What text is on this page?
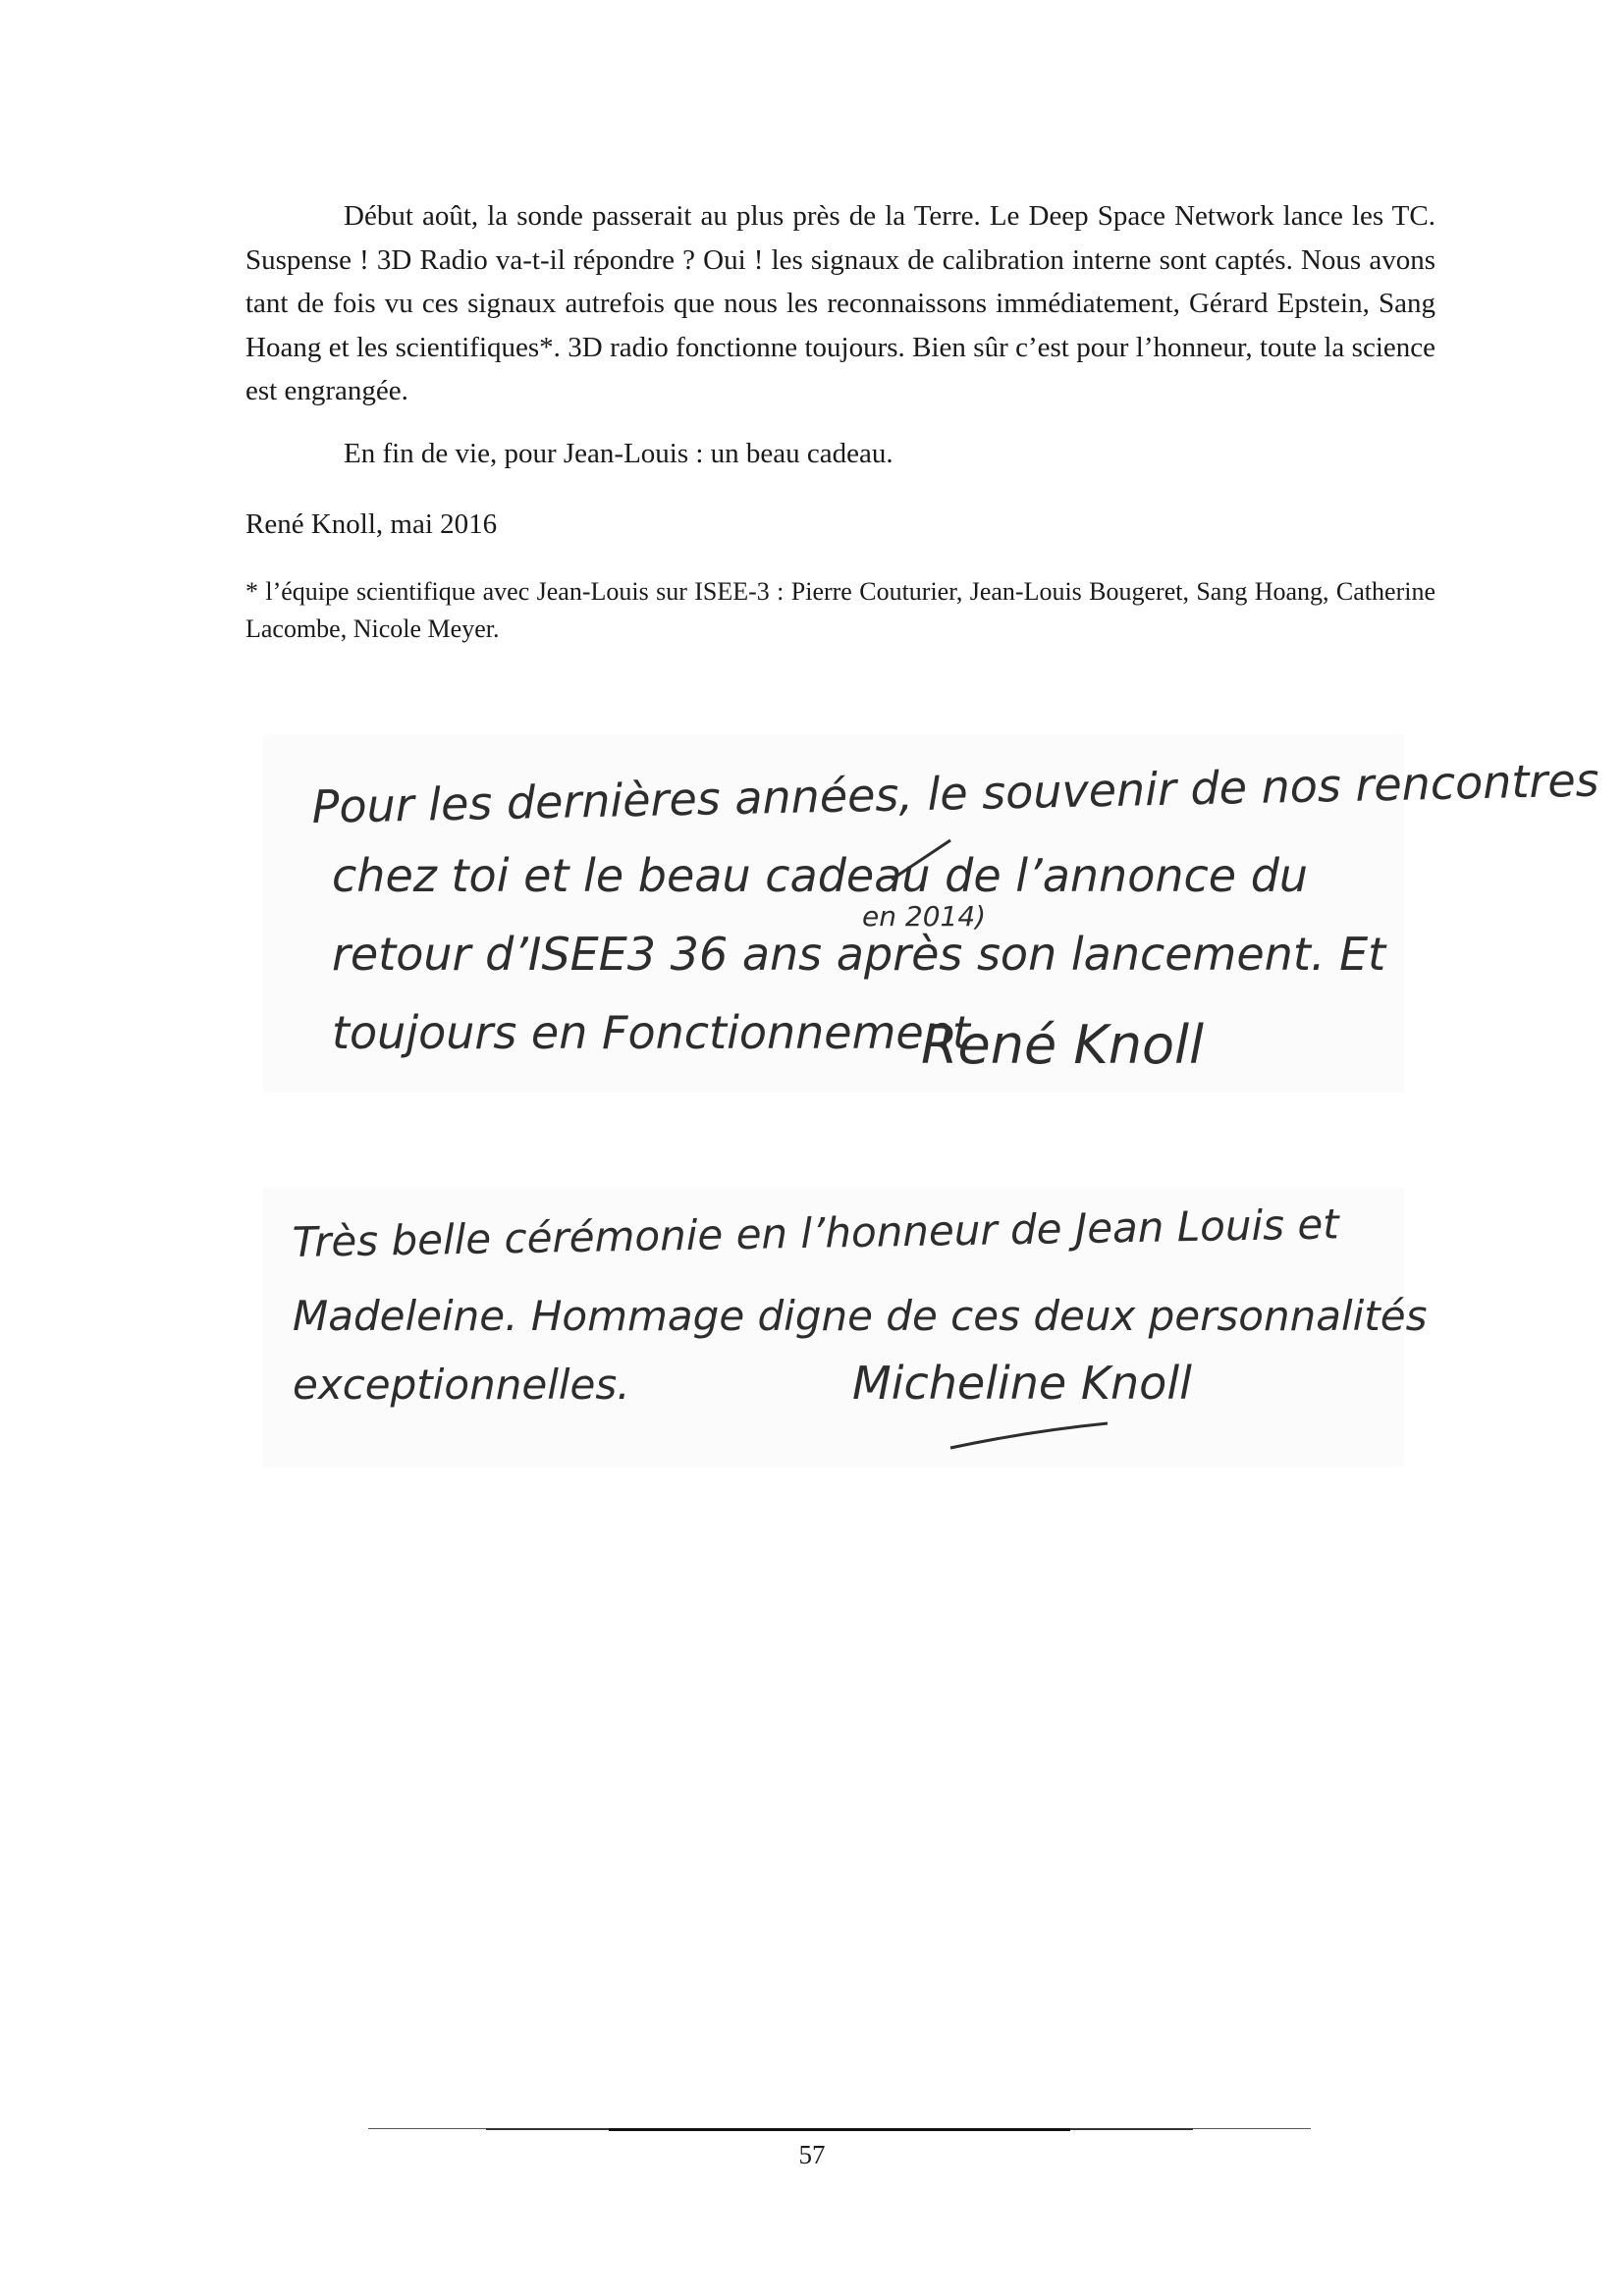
Début août, la sonde passerait au plus près de la Terre. Le Deep Space Network lance les TC. Suspense ! 3D Radio va-t-il répondre ? Oui ! les signaux de calibration interne sont captés. Nous avons tant de fois vu ces signaux autrefois que nous les reconnaissons immédiatement, Gérard Epstein, Sang Hoang et les scientifiques*. 3D radio fonctionne toujours. Bien sûr c’est pour l’honneur, toute la science est engrangée.

En fin de vie, pour Jean-Louis : un beau cadeau.

René Knoll, mai 2016

* l’équipe scientifique avec Jean-Louis sur ISEE-3 : Pierre Couturier, Jean-Louis Bougeret, Sang Hoang, Catherine Lacombe, Nicole Meyer.

Pour les dernières années, le souvenir de nos rencontres
chez toi et le beau cadeau de l’annonce du
en 2014)
retour d’ISEE3 36 ans après son lancement. Et
toujours en Fonctionnement
René Knoll
Très belle cérémonie en l’honneur de Jean Louis et
Madeleine. Hommage digne de ces deux personnalités
exceptionnelles.	Micheline Knoll
57
